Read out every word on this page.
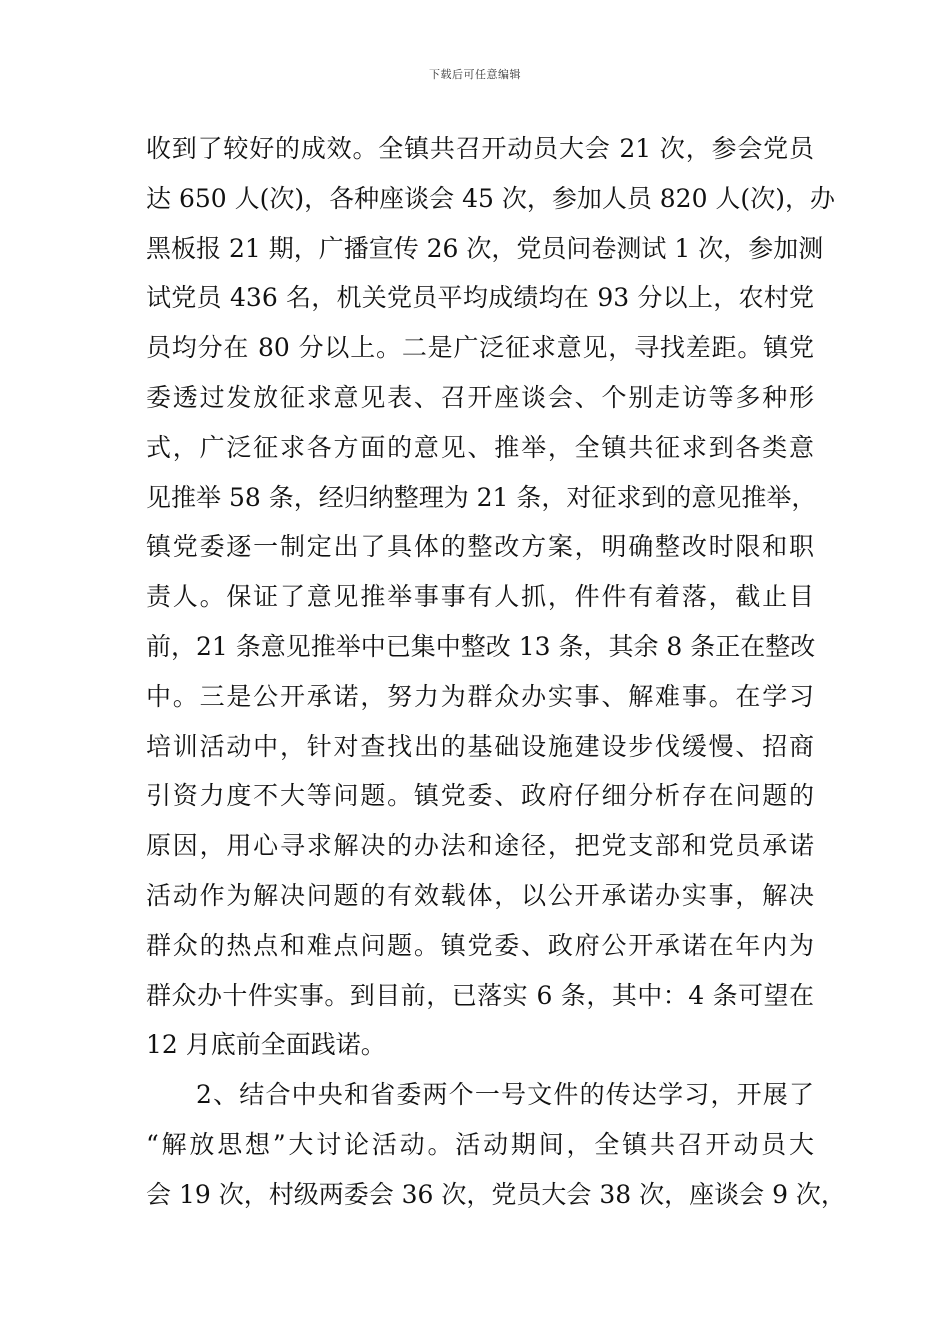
下载后可任意编辑
收到了较好的成效。全镇共召开动员大会 21 次，参会党员
达 650 人(次)，各种座谈会 45 次，参加人员 820 人(次)，办
黑板报 21 期，广播宣传 26 次，党员问卷测试 1 次，参加测
试党员 436 名，机关党员平均成绩均在 93 分以上，农村党
员均分在 80 分以上。二是广泛征求意见，寻找差距。镇党
委透过发放征求意见表、召开座谈会、个别走访等多种形
式，广泛征求各方面的意见、推举，全镇共征求到各类意
见推举 58 条，经归纳整理为 21 条，对征求到的意见推举，
镇党委逐一制定出了具体的整改方案，明确整改时限和职
责人。保证了意见推举事事有人抓，件件有着落，截止目
前，21 条意见推举中已集中整改 13 条，其余 8 条正在整改
中。三是公开承诺，努力为群众办实事、解难事。在学习
培训活动中，针对查找出的基础设施建设步伐缓慢、招商
引资力度不大等问题。镇党委、政府仔细分析存在问题的
原因，用心寻求解决的办法和途径，把党支部和党员承诺
活动作为解决问题的有效载体，以公开承诺办实事，解决
群众的热点和难点问题。镇党委、政府公开承诺在年内为
群众办十件实事。到目前，已落实 6 条，其中：4 条可望在
12 月底前全面践诺。
2、结合中央和省委两个一号文件的传达学习，开展了
“解放思想”大讨论活动。活动期间，全镇共召开动员大
会 19 次，村级两委会 36 次，党员大会 38 次，座谈会 9 次，
